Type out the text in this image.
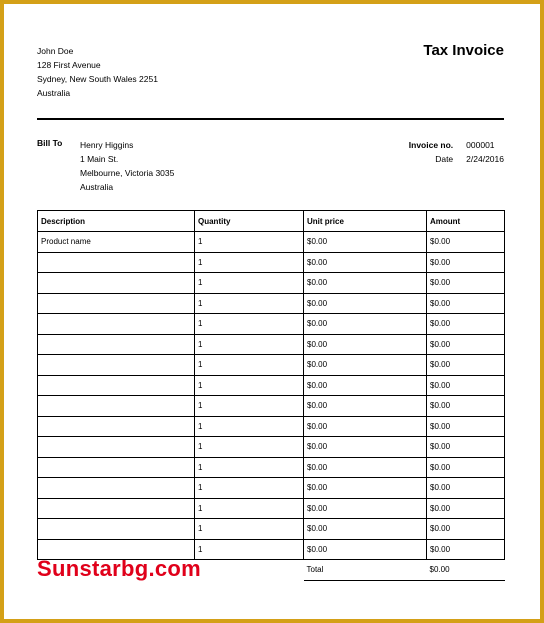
John Doe
128 First Avenue
Sydney, New South Wales 2251
Australia
Tax Invoice
Bill To Henry Higgins
1 Main St.
Melbourne, Victoria 3035
Australia
Invoice no.	000001
Date	2/24/2016
Description	Quantity	Unit price	Amount
Product name	1	$0.00	$0.00
	1	$0.00	$0.00
	1	$0.00	$0.00
	1	$0.00	$0.00
	1	$0.00	$0.00
	1	$0.00	$0.00
	1	$0.00	$0.00
	1	$0.00	$0.00
	1	$0.00	$0.00
	1	$0.00	$0.00
	1	$0.00	$0.00
	1	$0.00	$0.00
	1	$0.00	$0.00
	1	$0.00	$0.00
	1	$0.00	$0.00
	1	$0.00	$0.00
		Total	$0.00
Sunstarbg.com
